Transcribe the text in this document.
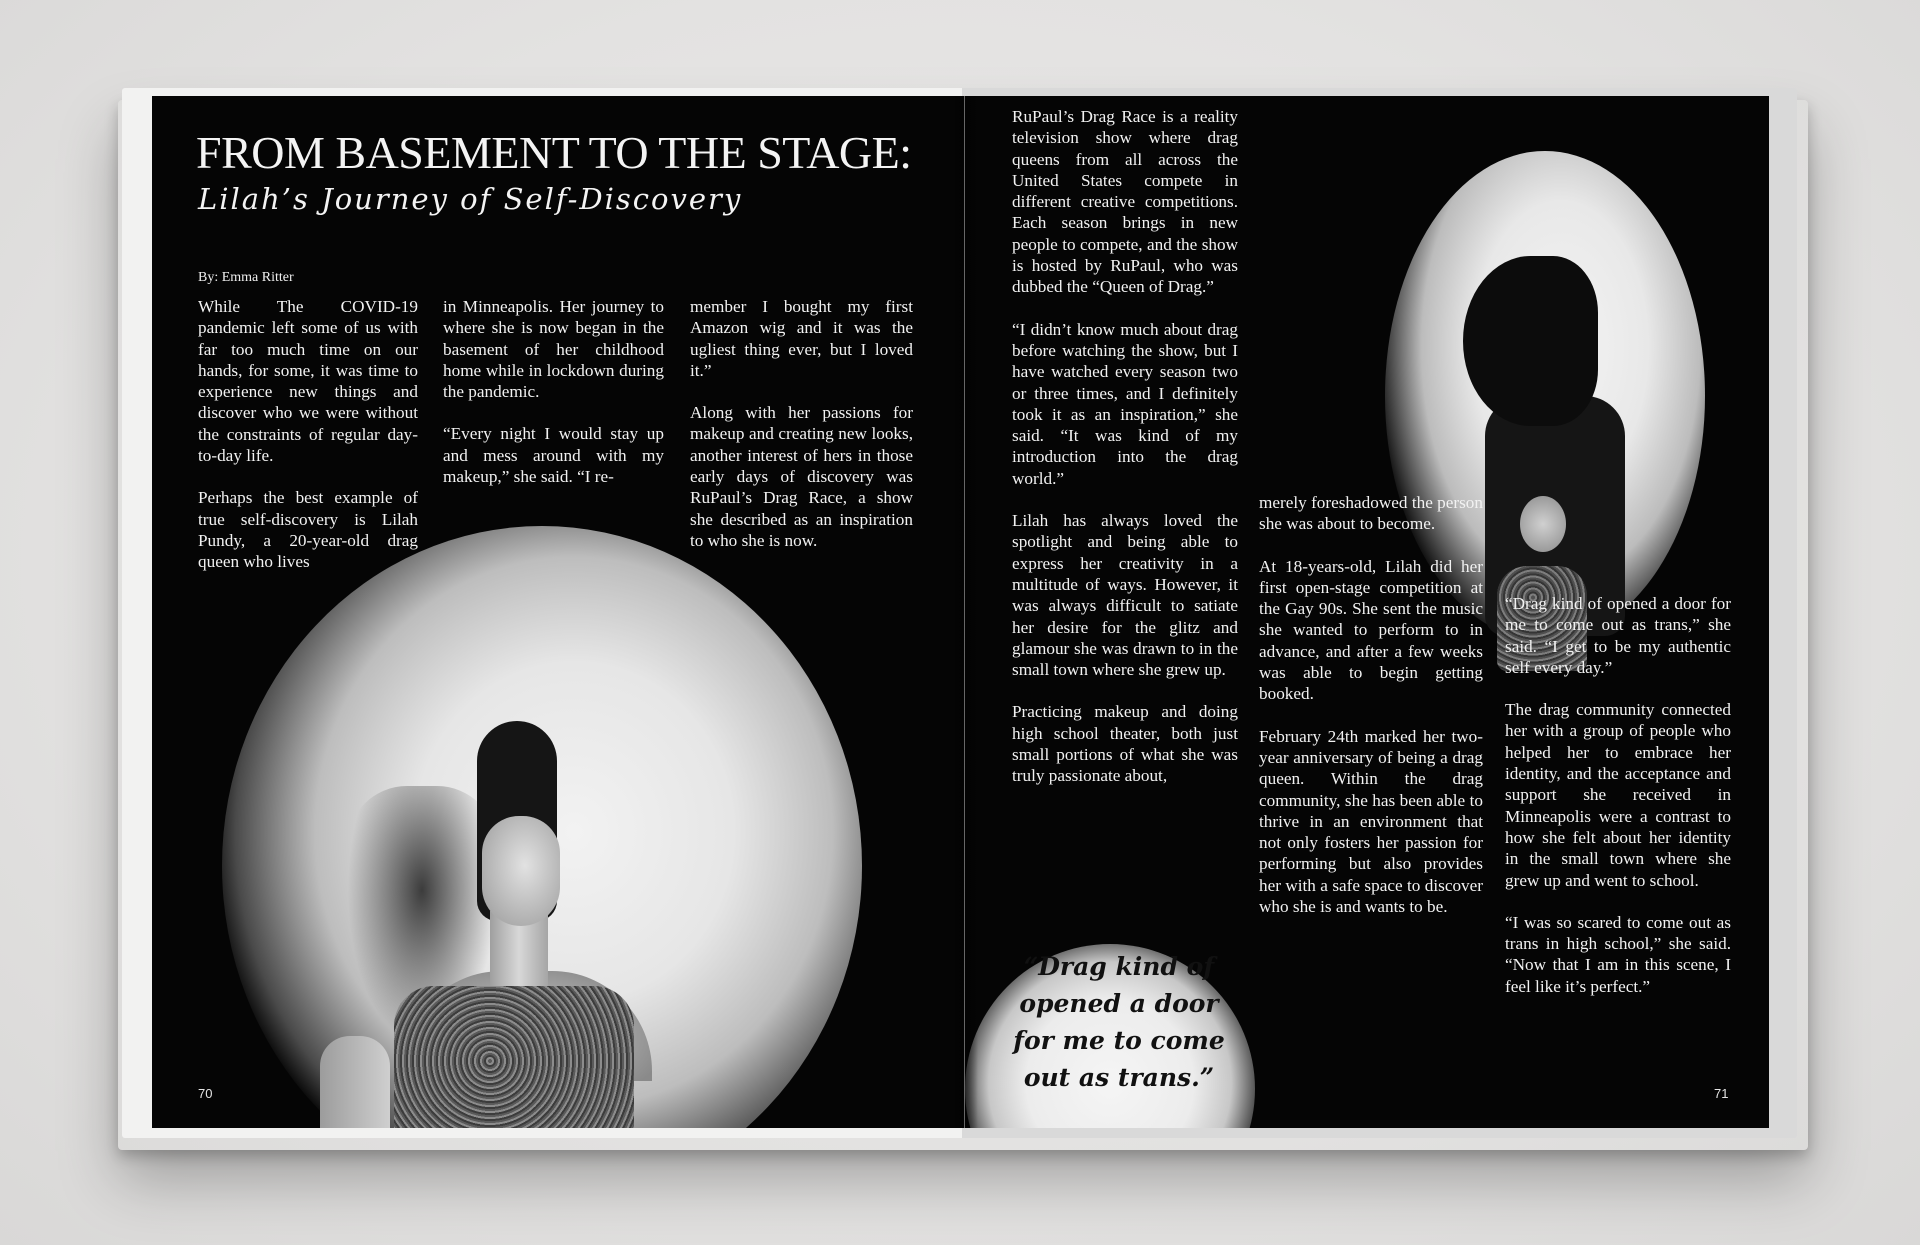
FROM BASEMENT TO THE STAGE:
Lilah’s Journey of Self-Discovery
By: Emma Ritter

While The COVID-19 pandemic left some of us with far too much time on our hands, for some, it was time to experience new things and discover who we were without the constraints of regular day-to-day life.

Perhaps the best example of true self-discovery is Lilah Pundy, a 20-year-old drag queen who lives

in Minneapolis. Her journey to where she is now began in the basement of her childhood home while in lockdown during the pandemic.

“Every night I would stay up and mess around with my makeup,” she said. “I re-

member I bought my first Amazon wig and it was the ugliest thing ever, but I loved it.”

Along with her passions for makeup and creating new looks, another interest of hers in those early days of discovery was RuPaul’s Drag Race, a show she described as an inspiration to who she is now.

70
“Drag kind of opened a door for me to come out as trans.”

RuPaul’s Drag Race is a reality television show where drag queens from all across the United States compete in different creative competitions. Each season brings in new people to compete, and the show is hosted by RuPaul, who was dubbed the “Queen of Drag.”

“I didn’t know much about drag before watching the show, but I have watched every season two or three times, and I definitely took it as an inspiration,” she said. “It was kind of my introduction into the drag world.”

Lilah has always loved the spotlight and being able to express her creativity in a multitude of ways. However, it was always difficult to satiate her desire for the glitz and glamour she was drawn to in the small town where she grew up.

Practicing makeup and doing high school theater, both just small portions of what she was truly passionate about,

merely foreshadowed the person she was about to become.

At 18-years-old, Lilah did her first open-stage competition at the Gay 90s. She sent the music she wanted to perform to in advance, and after a few weeks was able to begin getting booked.

February 24th marked her two-year anniversary of being a drag queen. Within the drag community, she has been able to thrive in an environment that not only fosters her passion for performing but also provides her with a safe space to discover who she is and wants to be.

“Drag kind of opened a door for me to come out as trans,” she said. “I get to be my authentic self every day.”

The drag community connected her with a group of people who helped her to embrace her identity, and the acceptance and support she received in Minneapolis were a contrast to how she felt about her identity in the small town where she grew up and went to school.

“I was so scared to come out as trans in high school,” she said. “Now that I am in this scene, I feel like it’s perfect.”

71
